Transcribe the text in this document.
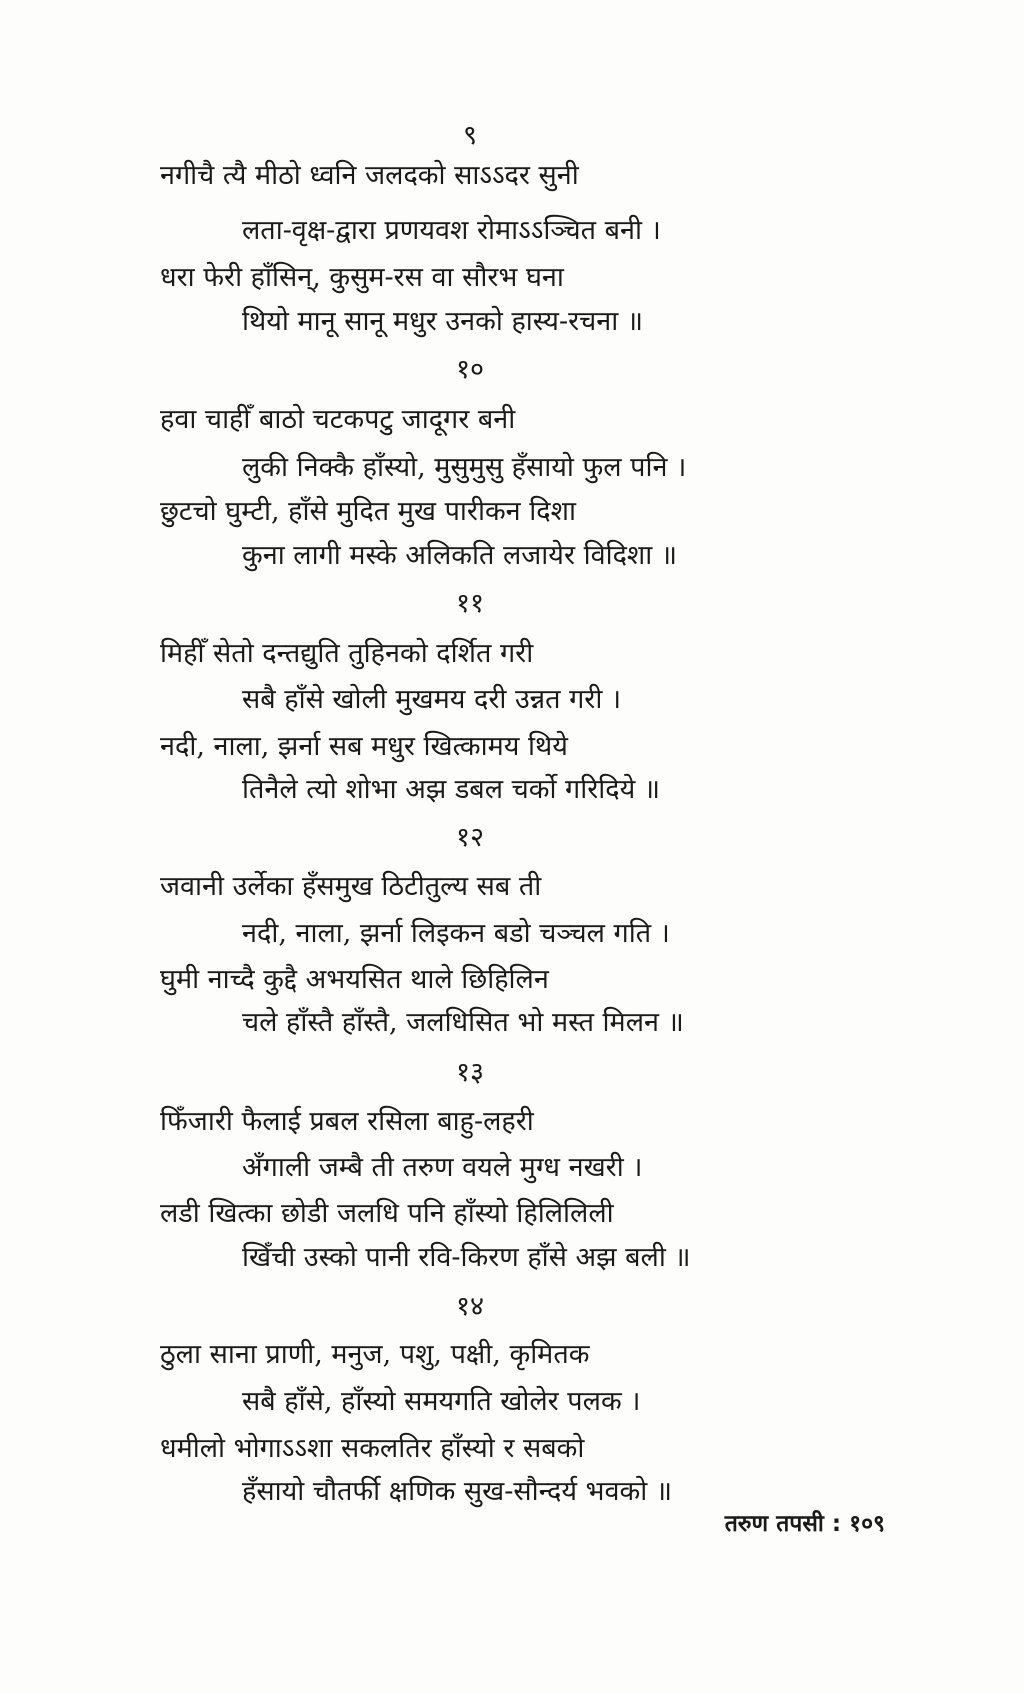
९
नगीचै त्यै मीठो ध्वनि जलदको साऽऽदर सुनी
लता-वृक्ष-द्वारा प्रणयवश रोमाऽऽञ्चित बनी ।
धरा फेरी हाँसिन्, कुसुम-रस वा सौरभ घना
थियो मानू सानू मधुर उनको हास्य-रचना ॥
१०
हवा चाहीँ बाठो चटकपटु जादूगर बनी
लुकी निक्कै हाँस्यो, मुसुमुसु हँसायो फुल पनि ।
छुटचो घुम्टी, हाँसे मुदित मुख पारीकन दिशा
कुना लागी मस्के अलिकति लजायेर विदिशा ॥
११
मिहीँ सेतो दन्तद्युति तुहिनको दर्शित गरी
सबै हाँसे खोली मुखमय दरी उन्नत गरी ।
नदी, नाला, झर्ना सब मधुर खित्कामय थिये
तिनैले त्यो शोभा अझ डबल चर्को गरिदिये ॥
१२
जवानी उर्लेका हँसमुख ठिटीतुल्य सब ती
नदी, नाला, झर्ना लिइकन बडो चञ्चल गति ।
घुमी नाच्दै कुद्दै अभयसित थाले छिहिलिन
चले हाँस्तै हाँस्तै, जलधिसित भो मस्त मिलन ॥
१३
फिँजारी फैलाई प्रबल रसिला बाहु-लहरी
अँगाली जम्बै ती तरुण वयले मुग्ध नखरी ।
लडी खित्का छोडी जलधि पनि हाँस्यो हिलिलिली
खिँची उस्को पानी रवि-किरण हाँसे अझ बली ॥
१४
ठुला साना प्राणी, मनुज, पशु, पक्षी, कृमितक
सबै हाँसे, हाँस्यो समयगति खोलेर पलक ।
धमीलो भोगाऽऽशा सकलतिर हाँस्यो र सबको
हँसायो चौतर्फी क्षणिक सुख-सौन्दर्य भवको ॥
तरुण तपसी : १०९
